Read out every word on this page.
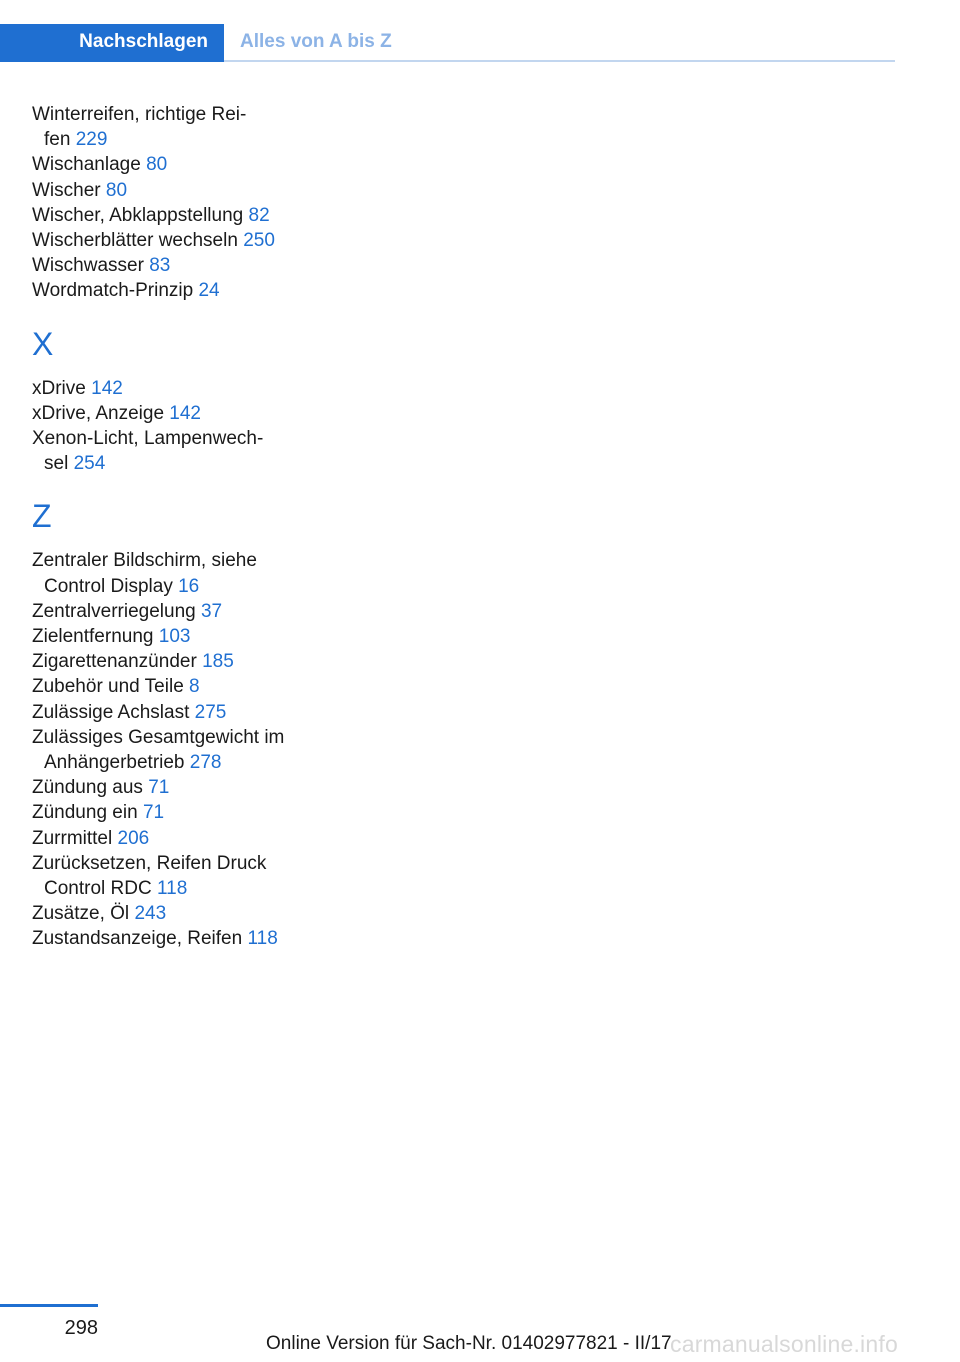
Nachschlagen Alles von A bis Z
Winterreifen, richtige Rei-
fen 229
Wischanlage 80
Wischer 80
Wischer, Abklappstellung 82
Wischerblätter wechseln 250
Wischwasser 83
Wordmatch-Prinzip 24
X
xDrive 142
xDrive, Anzeige 142
Xenon-Licht, Lampenwech-
sel 254
Z
Zentraler Bildschirm, siehe
Control Display 16
Zentralverriegelung 37
Zielentfernung 103
Zigarettenanzünder 185
Zubehör und Teile 8
Zulässige Achslast 275
Zulässiges Gesamtgewicht im
Anhängerbetrieb 278
Zündung aus 71
Zündung ein 71
Zurrmittel 206
Zurücksetzen, Reifen Druck
Control RDC 118
Zusätze, Öl 243
Zustandsanzeige, Reifen 118
298
Online Version für Sach-Nr. 01402977821 - II/17
carmanualsonline.info
